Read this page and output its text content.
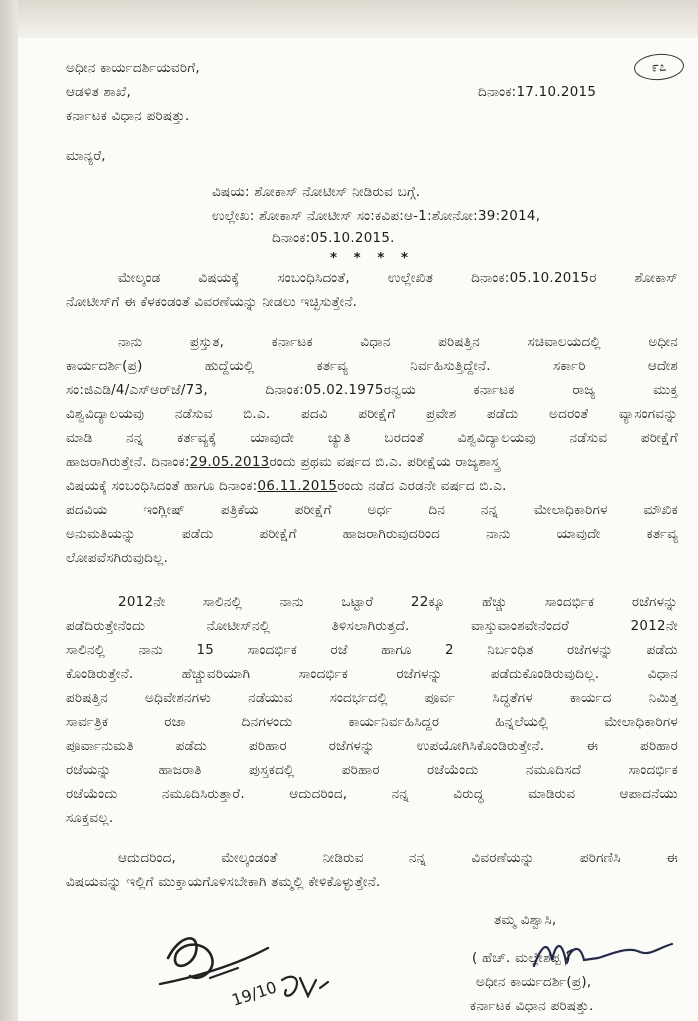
೯೭
ಅಧೀನ ಕಾರ್ಯದರ್ಶಿಯವರಿಗೆ,
ಆಡಳಿತ ಶಾಖೆ,
ಕರ್ನಾಟಕ ವಿಧಾನ ಪರಿಷತ್ತು.
ದಿನಾಂಕ:17.10.2015
ಮಾನ್ಯರೆ,
ವಿಷಯ: ಶೋಕಾಸ್ ನೋಟೀಸ್ ನೀಡಿರುವ ಬಗ್ಗೆ.
ಉಲ್ಲೇಖ: ಶೋಕಾಸ್ ನೋಟೀಸ್ ಸಂ:ಕವಿಪ:ಆ-1:ಶೋನೋ:39:2014,
ದಿನಾಂಕ:05.10.2015.
* * * *
ಮೇಲ್ಕಂಡ ವಿಷಯಕ್ಕೆ ಸಂಬಂಧಿಸಿದಂತೆ, ಉಲ್ಲೇಖಿತ ದಿನಾಂಕ:05.10.2015ರ ಶೋಕಾಸ್
ನೋಟೀಸ್‌ಗೆ ಈ ಕೆಳಕಂಡಂತೆ ವಿವರಣೆಯನ್ನು ನೀಡಲು ಇಚ್ಛಿಸುತ್ತೇನೆ.
ನಾನು ಪ್ರಸ್ತುತ, ಕರ್ನಾಟಕ ವಿಧಾನ ಪರಿಷತ್ತಿನ ಸಚಿವಾಲಯದಲ್ಲಿ ಅಧೀನ
ಕಾರ್ಯದರ್ಶಿ(ಪ್ರ) ಹುದ್ದೆಯಲ್ಲಿ ಕರ್ತವ್ಯ ನಿರ್ವಹಿಸುತ್ತಿದ್ದೇನೆ. ಸರ್ಕಾರಿ ಆದೇಶ
ಸಂ:ಜಿಎಡಿ/4/ಎಸ್‌ಆರ್‌ಜೆ/73, ದಿನಾಂಕ:05.02.1975ರನ್ವಯ ಕರ್ನಾಟಕ ರಾಜ್ಯ ಮುಕ್ತ
ವಿಶ್ವವಿದ್ಯಾಲಯವು ನಡೆಸುವ ಬಿ.ಎ. ಪದವಿ ಪರೀಕ್ಷೆಗೆ ಪ್ರವೇಶ ಪಡೆದು ಅದರಂತೆ ವ್ಯಾಸಂಗವನ್ನು
ಮಾಡಿ ನನ್ನ ಕರ್ತವ್ಯಕ್ಕೆ ಯಾವುದೇ ಚ್ಯುತಿ ಬರದಂತೆ ವಿಶ್ವವಿದ್ಯಾಲಯವು ನಡೆಸುವ ಪರೀಕ್ಷೆಗೆ
ಹಾಜರಾಗಿರುತ್ತೇನೆ. ದಿನಾಂಕ:29.05.2013ರಂದು ಪ್ರಥಮ ವರ್ಷದ ಬಿ.ಎ. ಪರೀಕ್ಷೆಯ ರಾಜ್ಯಶಾಸ್ತ್ರ
ವಿಷಯಕ್ಕೆ ಸಂಬಂಧಿಸಿದಂತೆ ಹಾಗೂ ದಿನಾಂಕ:06.11.2015ರಂದು ನಡೆದ ಎರಡನೇ ವರ್ಷದ ಬಿ.ಎ.
ಪದವಿಯ ಇಂಗ್ಲೀಷ್ ಪತ್ರಿಕೆಯ ಪರೀಕ್ಷೆಗೆ ಅರ್ಧ ದಿನ ನನ್ನ ಮೇಲಾಧಿಕಾರಿಗಳ ಮೌಖಿಕ
ಅನುಮತಿಯನ್ನು ಪಡೆದು ಪರೀಕ್ಷೆಗೆ ಹಾಜರಾಗಿರುವುದರಿಂದ ನಾನು ಯಾವುದೇ ಕರ್ತವ್ಯ
ಲೋಪವೆಸಗಿರುವುದಿಲ್ಲ.
2012ನೇ ಸಾಲಿನಲ್ಲಿ ನಾನು ಒಟ್ಟಾರೆ 22ಕ್ಕೂ ಹೆಚ್ಚು ಸಾಂದರ್ಭಿಕ ರಜೆಗಳನ್ನು
ಪಡೆದಿರುತ್ತೇನೆಂದು ನೋಟೀಸ್‌ನಲ್ಲಿ ತಿಳಿಸಲಾಗಿರುತ್ತದೆ. ವಾಸ್ತುವಾಂಶವೇನೆಂದರೆ 2012ನೇ
ಸಾಲಿನಲ್ಲಿ ನಾನು 15 ಸಾಂದರ್ಭಿಕ ರಜೆ ಹಾಗೂ 2 ನಿರ್ಬಂಧಿತ ರಜೆಗಳನ್ನು ಪಡೆದು
ಕೊಂಡಿರುತ್ತೇನೆ. ಹೆಚ್ಚುವರಿಯಾಗಿ ಸಾಂದರ್ಭಿಕ ರಜೆಗಳನ್ನು ಪಡೆದುಕೊಂಡಿರುವುದಿಲ್ಲ. ವಿಧಾನ
ಪರಿಷತ್ತಿನ ಅಧಿವೇಶನಗಳು ನಡೆಯುವ ಸಂದರ್ಭದಲ್ಲಿ ಪೂರ್ವ ಸಿದ್ಧತೆಗಳ ಕಾರ್ಯದ ನಿಮಿತ್ತ
ಸಾರ್ವತ್ರಿಕ ರಜಾ ದಿನಗಳಂದು ಕಾರ್ಯನಿರ್ವಹಿಸಿದ್ದರ ಹಿನ್ನಲೆಯಲ್ಲಿ ಮೇಲಾಧಿಕಾರಿಗಳ
ಪೂರ್ವಾನುಮತಿ ಪಡೆದು ಪರಿಹಾರ ರಜೆಗಳನ್ನು ಉಪಯೋಗಿಸಿಕೊಂಡಿರುತ್ತೇನೆ. ಈ ಪರಿಹಾರ
ರಜೆಯನ್ನು ಹಾಜರಾತಿ ಪುಸ್ತಕದಲ್ಲಿ ಪರಿಹಾರ ರಜೆಯೆಂದು ನಮೂದಿಸದೆ ಸಾಂದರ್ಭಿಕ
ರಜೆಯೆಂದು ನಮೂದಿಸಿರುತ್ತಾರೆ. ಆದುದರಿಂದ, ನನ್ನ ವಿರುದ್ಧ ಮಾಡಿರುವ ಆಪಾದನೆಯು
ಸೂಕ್ತವಲ್ಲ.
ಆದುದರಿಂದ, ಮೇಲ್ಕಂಡಂತೆ ನೀಡಿರುವ ನನ್ನ ವಿವರಣೆಯನ್ನು ಪರಿಗಣಿಸಿ ಈ
ವಿಷಯವನ್ನು ಇಲ್ಲಿಗೆ ಮುಕ್ತಾಯಗೊಳಿಸಬೇಕಾಗಿ ತಮ್ಮಲ್ಲಿ ಕೇಳಿಕೊಳ್ಳುತ್ತೇನೆ.
ತಮ್ಮ ವಿಶ್ವಾಸಿ,
( ಹೆಚ್. ಮಲ್ಲೇಶಪ್ಪ )
ಅಧೀನ ಕಾರ್ಯದರ್ಶಿ(ಪ್ರ),
ಕರ್ನಾಟಕ ವಿಧಾನ ಪರಿಷತ್ತು.
19/10
